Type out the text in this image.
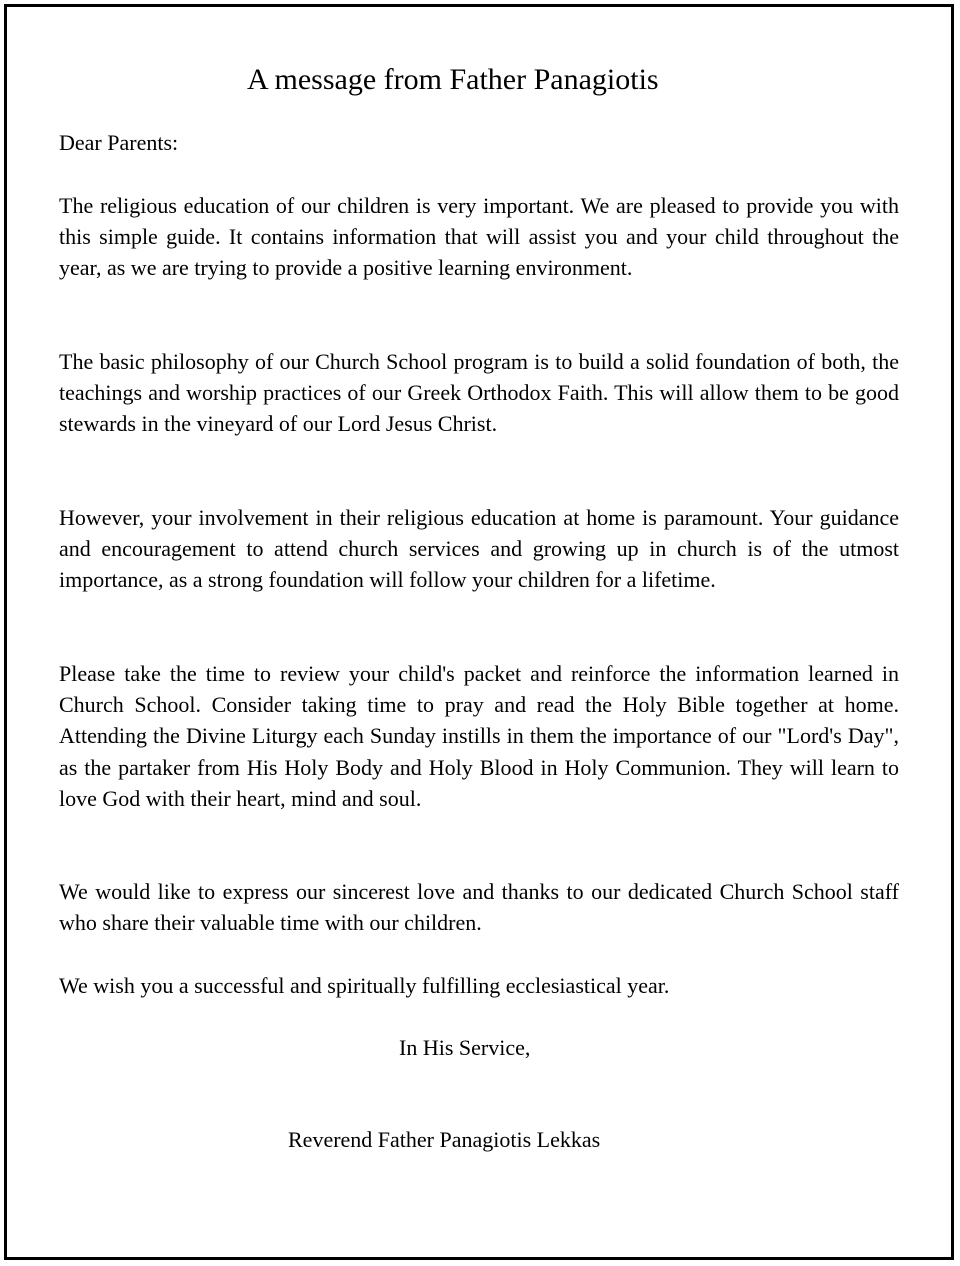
A message from Father Panagiotis
Dear Parents:

The religious education of our children is very important. We are pleased to provide you with this simple guide. It contains information that will assist you and your child throughout the year, as we are trying to provide a positive learning environment.

The basic philosophy of our Church School program is to build a solid foundation of both, the teachings and worship practices of our Greek Orthodox Faith. This will allow them to be good stewards in the vineyard of our Lord Jesus Christ.

However, your involvement in their religious education at home is paramount. Your guidance and encouragement to attend church services and growing up in church is of the utmost importance, as a strong foundation will follow your children for a lifetime.

Please take the time to review your child's packet and reinforce the information learned in Church School. Consider taking time to pray and read the Holy Bible together at home. Attending the Divine Liturgy each Sunday instills in them the importance of our "Lord's Day", as the partaker from His Holy Body and Holy Blood in Holy Communion. They will learn to love God with their heart, mind and soul.

We would like to express our sincerest love and thanks to our dedicated Church School staff who share their valuable time with our children.

We wish you a successful and spiritually fulfilling ecclesiastical year.

In His Service,
Reverend Father Panagiotis Lekkas
